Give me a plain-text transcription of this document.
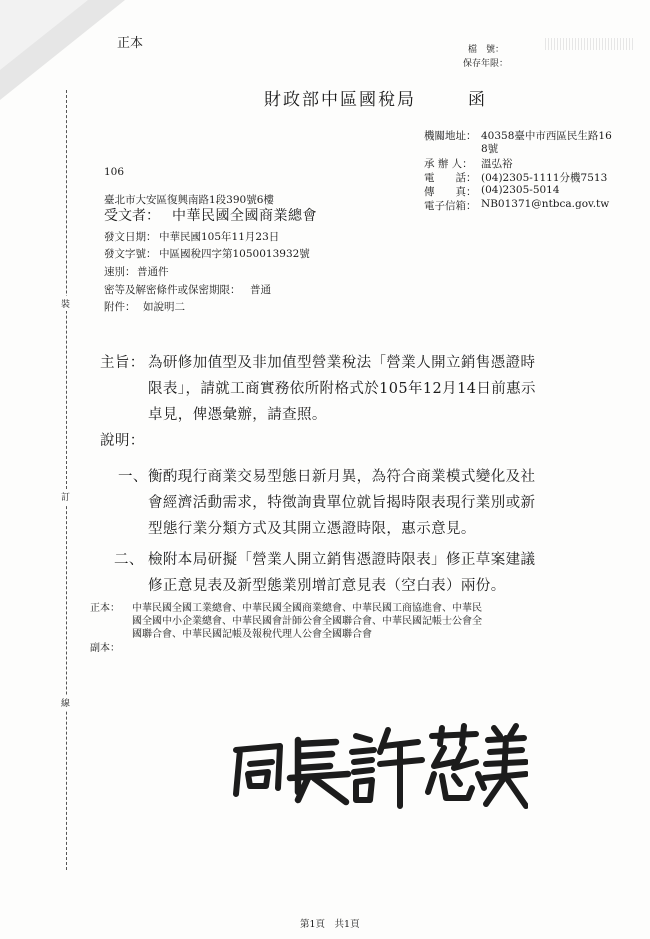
裝
訂
線
正本	檔　號：
保存年限：
財政部中區國稅局	函
機關地址： 40358臺中市西區民生路16
8號
承 辦 人： 溫弘裕
電　　話： (04)2305-1111分機7513
傳　　真： (04)2305-5014
電子信箱： NB01371@ntbca.gov.tw
106
臺北市大安區復興南路1段390號6樓
受文者： 中華民國全國商業總會
發文日期： 中華民國105年11月23日
發文字號： 中區國稅四字第1050013932號
速別： 普通件
密等及解密條件或保密期限： 普通
附件： 如說明二
主旨： 為研修加值型及非加值型營業稅法「營業人開立銷售憑證時
限表」，請就工商實務依所附格式於105年12月14日前惠示
卓見，俾憑彙辦，請查照。
說明：
一、 衡酌現行商業交易型態日新月異，為符合商業模式變化及社
會經濟活動需求，特徵詢貴單位就旨揭時限表現行業別或新
型態行業分類方式及其開立憑證時限，惠示意見。
二、 檢附本局研擬「營業人開立銷售憑證時限表」修正草案建議
修正意見表及新型態業別增訂意見表（空白表）兩份。
正本： 中華民國全國工業總會、中華民國全國商業總會、中華民國工商協進會、中華民
國全國中小企業總會、中華民國會計師公會全國聯合會、中華民國記帳士公會全
國聯合會、中華民國記帳及報稅代理人公會全國聯合會
副本：
第1頁　共1頁
